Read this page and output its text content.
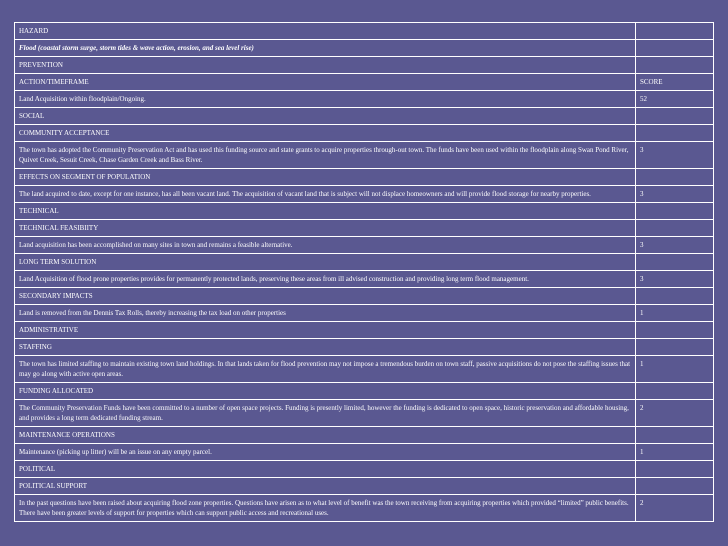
HAZARD	
Flood (coastal storm surge, storm tides & wave action, erosion, and sea level rise)	
PREVENTION	
ACTION/TIMEFRAME	SCORE
Land Acquisition within floodplain/Ongoing.	52
SOCIAL	
COMMUNITY ACCEPTANCE	
The town has adopted the Community Preservation Act and has used this funding source and state grants to acquire properties through-out town. The funds have been used within the floodplain along Swan Pond River, Quivet Creek, Sesuit Creek, Chase Garden Creek and Bass River.	3
EFFECTS ON SEGMENT OF POPULATION	
The land acquired to date, except for one instance, has all been vacant land. The acquisition of vacant land that is subject will not displace homeowners and will provide flood storage for nearby properties.	3
TECHNICAL	
TECHNICAL FEASIBIITY	
Land acquisition has been accomplished on many sites in town and remains a feasible alternative.	3
LONG TERM SOLUTION	
Land Acquisition of flood prone properties provides for permanently protected lands, preserving these areas from ill advised construction and providing long term flood management.	3
SECONDARY IMPACTS	
Land is removed from the Dennis Tax Rolls, thereby increasing the tax load on other properties	1
ADMINISTRATIVE	
STAFFING	
The town has limited staffing to maintain existing town land holdings. In that lands taken for flood prevention may not impose a tremendous burden on town staff, passive acquisitions do not pose the staffing issues that may go along with active open areas.	1
FUNDING ALLOCATED	
The Community Preservation Funds have been committed to a number of open space projects. Funding is presently limited, however the funding is dedicated to open space, historic preservation and affordable housing, and provides a long term dedicated funding stream.	2
MAINTENANCE OPERATIONS	
Maintenance (picking up litter) will be an issue on any empty parcel.	1
POLITICAL	
POLITICAL SUPPORT	
In the past questions have been raised about acquiring flood zone properties. Questions have arisen as to what level of benefit was the town receiving from acquiring properties which provided “limited” public benefits. There have been greater levels of support for properties which can support public access and recreational uses.	2
